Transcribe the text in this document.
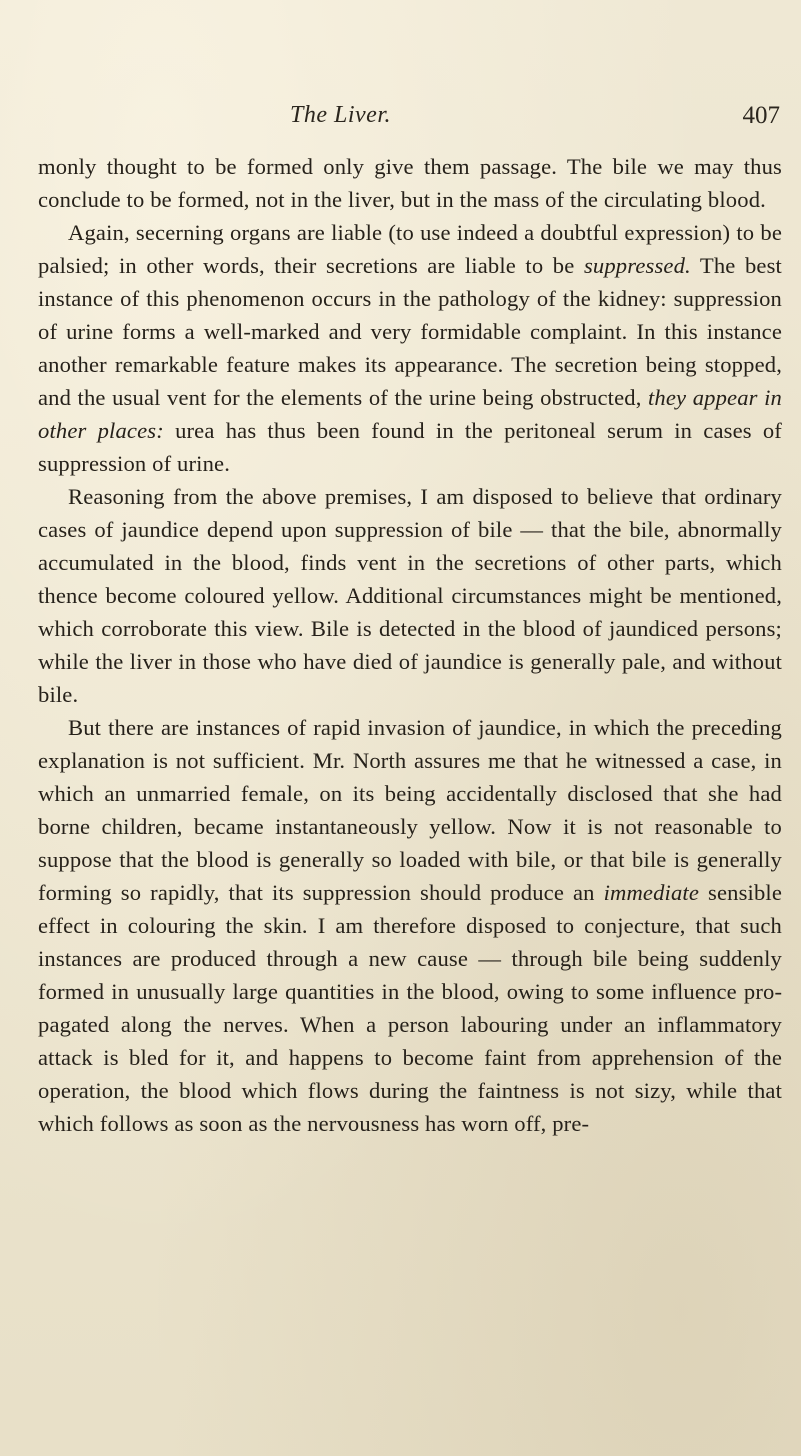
The Liver.	407

monly thought to be formed only give them passage. The bile we may thus conclude to be formed, not in the liver, but in the mass of the circulating blood.

Again, secerning organs are liable (to use indeed a doubtful expression) to be palsied; in other words, their secretions are liable to be suppressed. The best instance of this phenomenon occurs in the pathology of the kidney: suppression of urine forms a well-marked and very formidable complaint. In this instance another remarkable feature makes its appearance. The secretion being stopped, and the usual vent for the elements of the urine being obstructed, they appear in other places: urea has thus been found in the peritoneal serum in cases of suppression of urine.

Reasoning from the above premises, I am disposed to believe that ordinary cases of jaundice depend upon suppression of bile — that the bile, abnormally accumulated in the blood, finds vent in the secretions of other parts, which thence become coloured yellow. Additional circumstances might be mentioned, which corroborate this view. Bile is detected in the blood of jaundiced persons; while the liver in those who have died of jaundice is generally pale, and without bile.

But there are instances of rapid invasion of jaundice, in which the preceding explanation is not sufficient. Mr. North assures me that he witnessed a case, in which an unmarried female, on its being accidentally disclosed that she had borne children, became instantaneously yellow. Now it is not reasonable to suppose that the blood is generally so loaded with bile, or that bile is generally forming so rapidly, that its suppression should produce an immediate sensible effect in colouring the skin. I am therefore disposed to conjecture, that such instances are produced through a new cause — through bile being suddenly formed in unusually large quantities in the blood, owing to some influence propagated along the nerves. When a person labouring under an inflammatory attack is bled for it, and happens to become faint from apprehension of the operation, the blood which flows during the faintness is not sizy, while that which follows as soon as the nervousness has worn off, pre-
